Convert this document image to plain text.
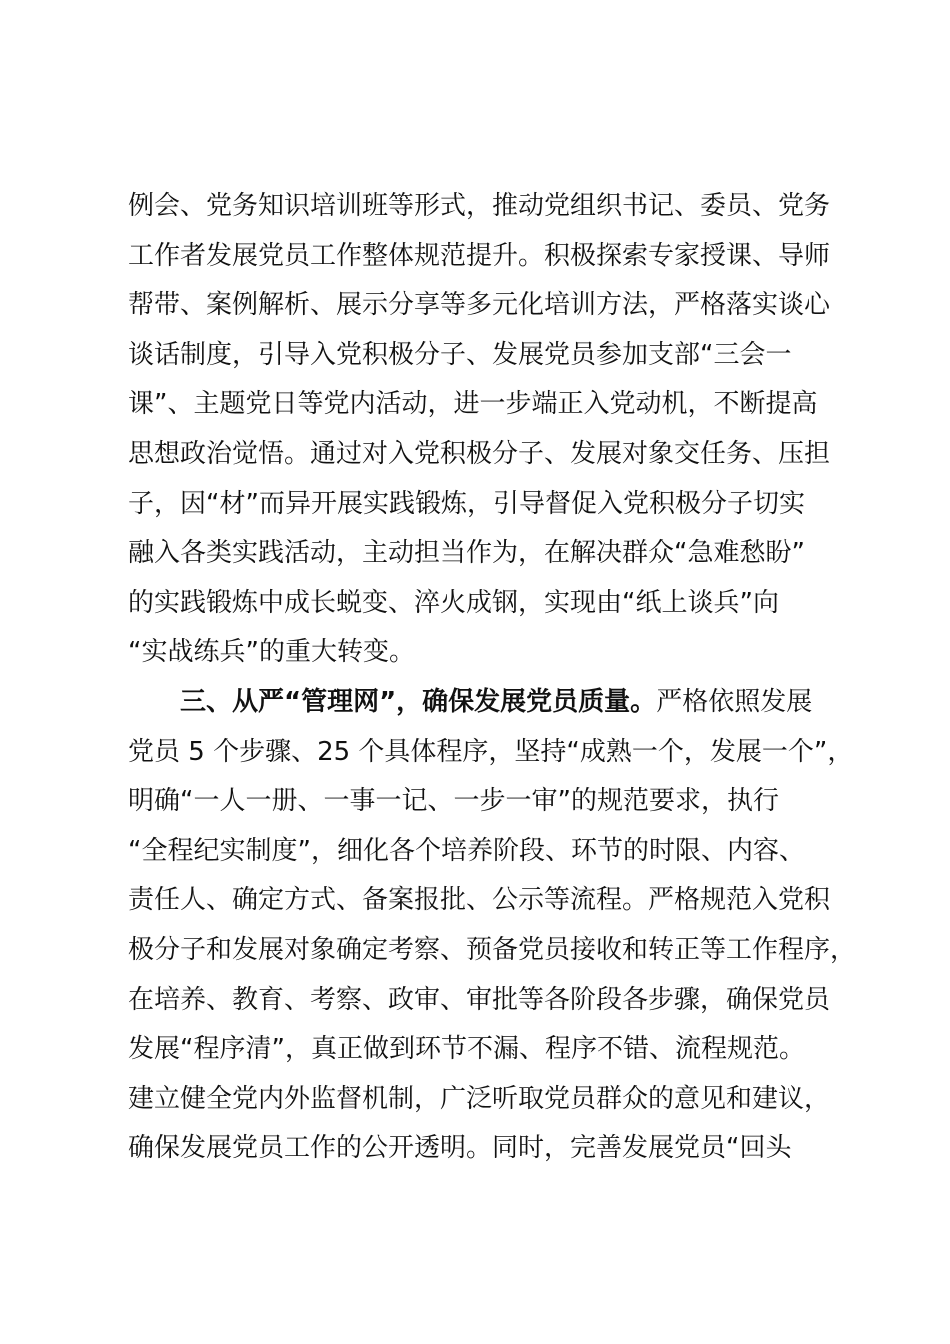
例会、党务知识培训班等形式，推动党组织书记、委员、党务
工作者发展党员工作整体规范提升。积极探索专家授课、导师
帮带、案例解析、展示分享等多元化培训方法，严格落实谈心
谈话制度，引导入党积极分子、发展党员参加支部“三会一
课”、主题党日等党内活动，进一步端正入党动机，不断提高
思想政治觉悟。通过对入党积极分子、发展对象交任务、压担
子，因“材”而异开展实践锻炼，引导督促入党积极分子切实
融入各类实践活动，主动担当作为，在解决群众“急难愁盼”
的实践锻炼中成长蜕变、淬火成钢，实现由“纸上谈兵”向
“实战练兵”的重大转变。
三、从严“管理网”，确保发展党员质量。严格依照发展
党员 5 个步骤、25 个具体程序，坚持“成熟一个，发展一个”，
明确“一人一册、一事一记、一步一审”的规范要求，执行
“全程纪实制度”，细化各个培养阶段、环节的时限、内容、
责任人、确定方式、备案报批、公示等流程。严格规范入党积
极分子和发展对象确定考察、预备党员接收和转正等工作程序，
在培养、教育、考察、政审、审批等各阶段各步骤，确保党员
发展“程序清”，真正做到环节不漏、程序不错、流程规范。
建立健全党内外监督机制，广泛听取党员群众的意见和建议，
确保发展党员工作的公开透明。同时，完善发展党员“回头
